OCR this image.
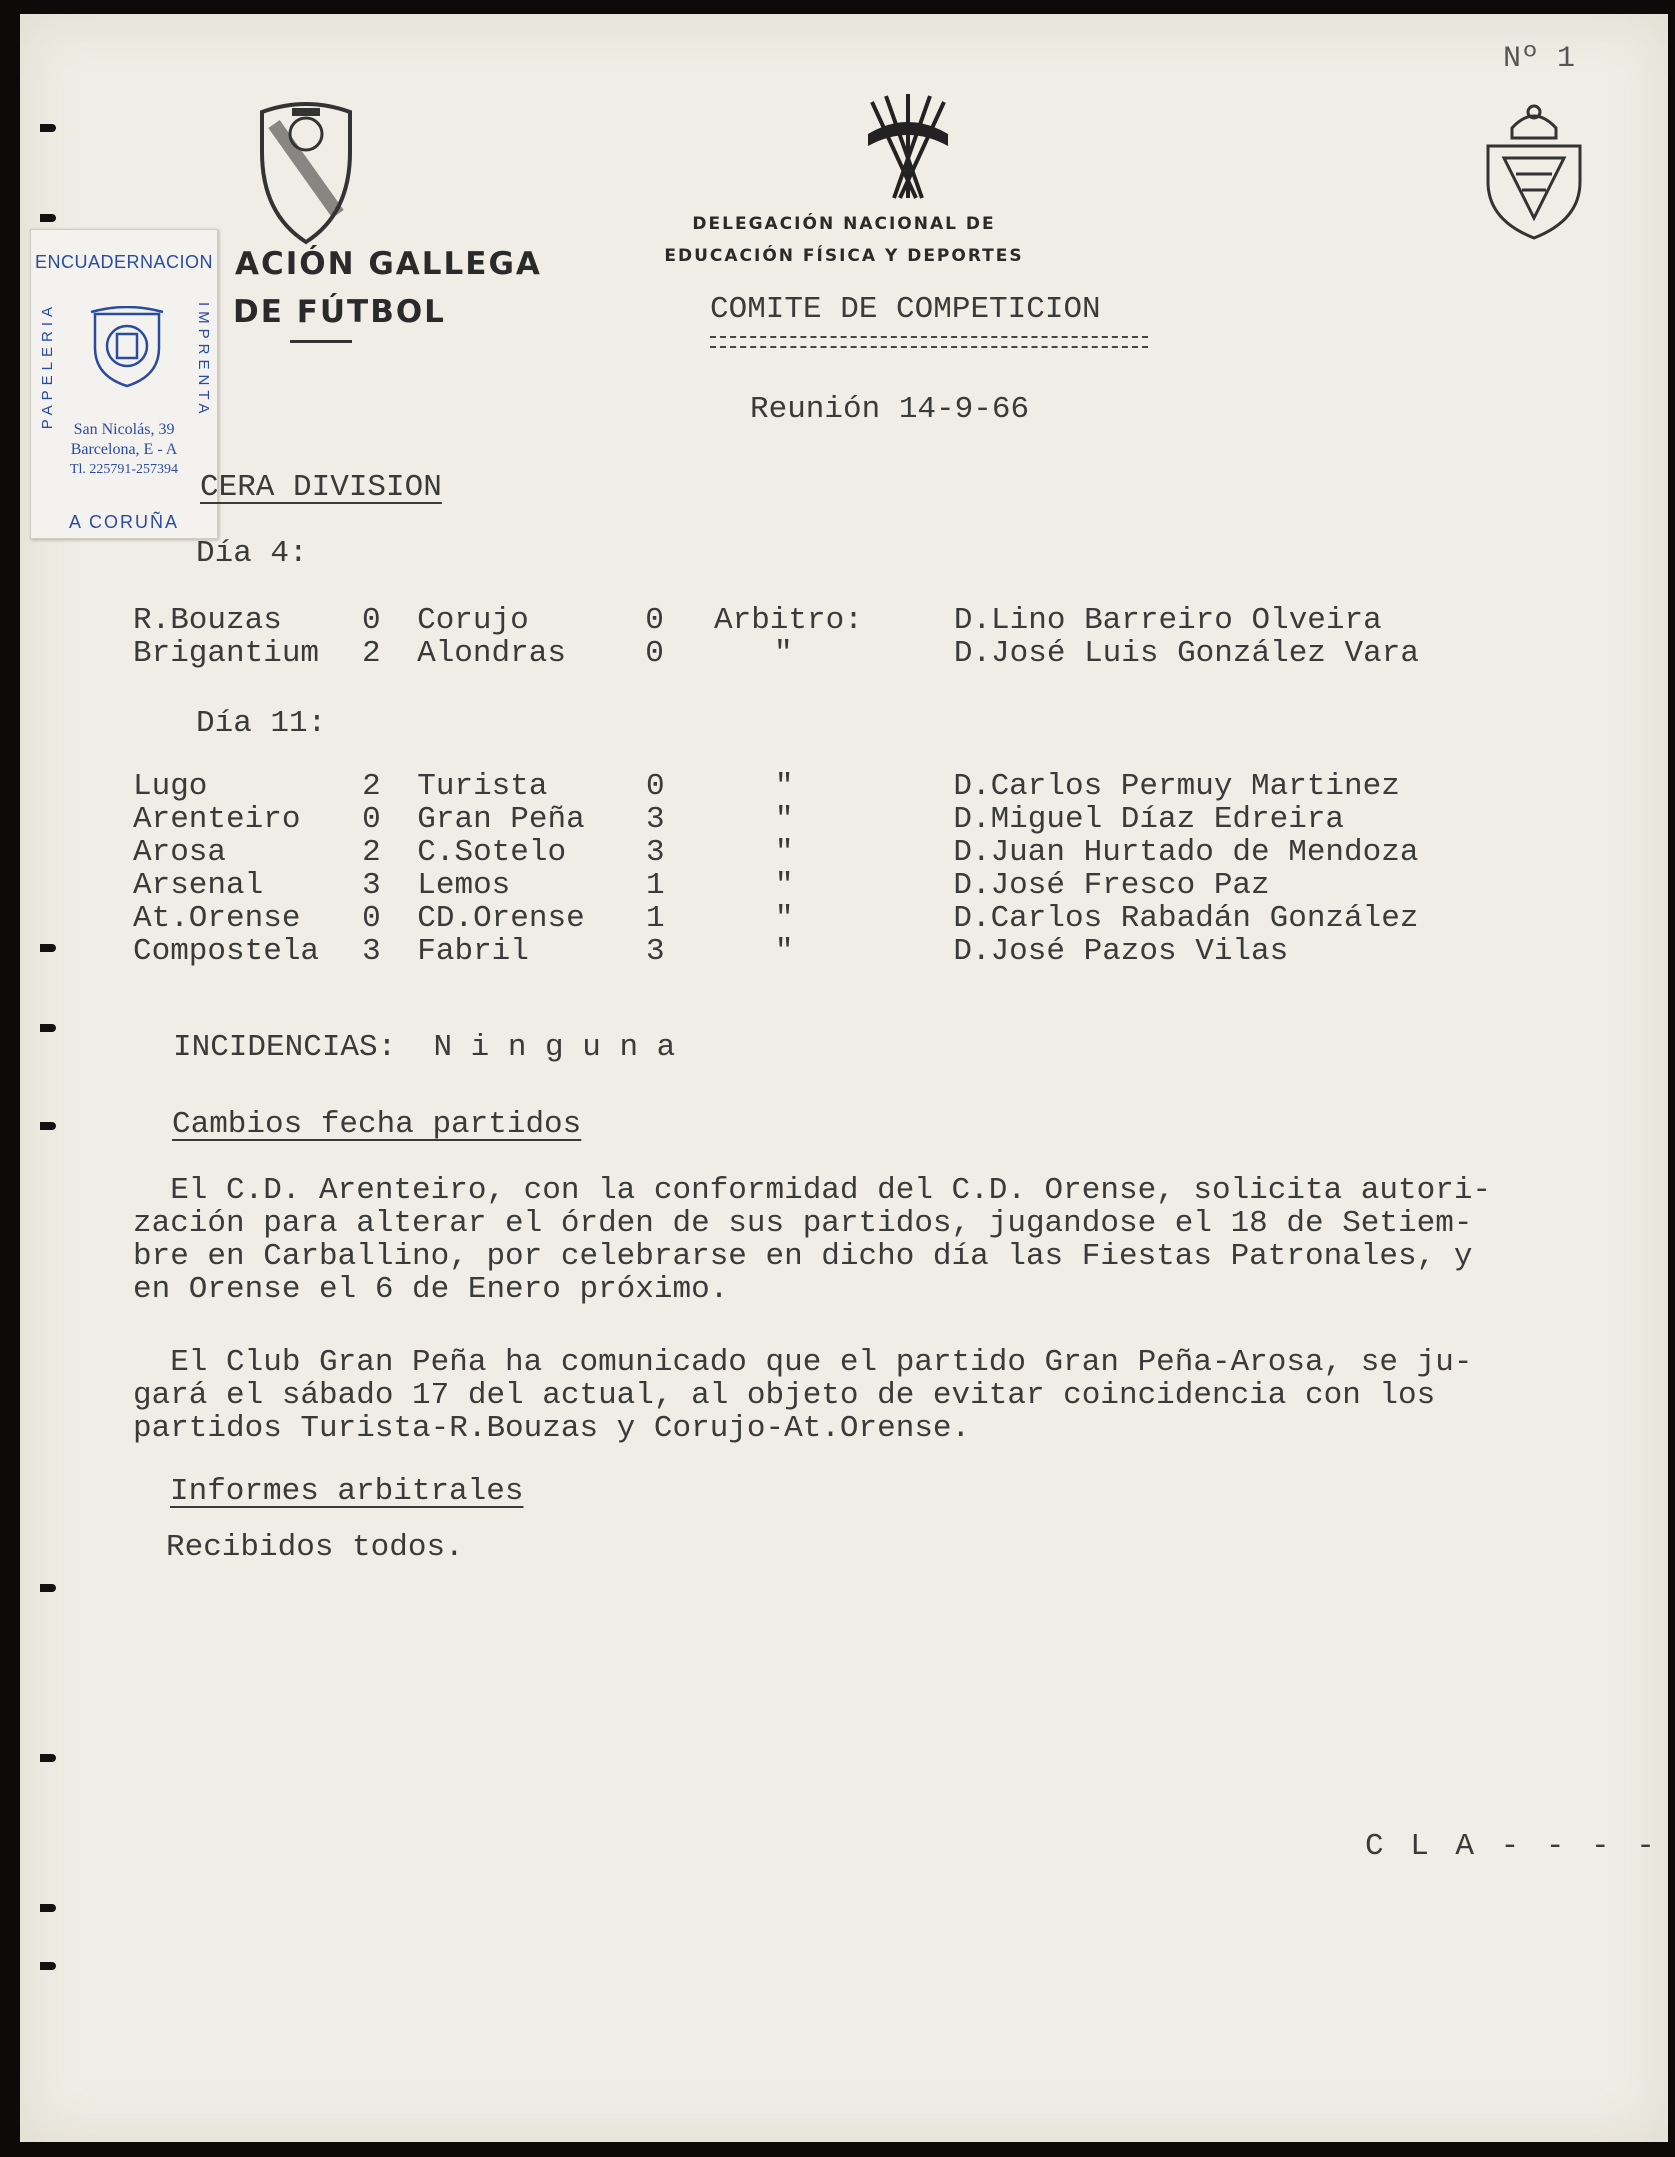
Nº 1
ACIÓN GALLEGA
DE FÚTBOL
DELEGACIÓN NACIONAL DE
EDUCACIÓN FÍSICA Y DEPORTES
COMITE DE COMPETICION
Reunión 14-9-66
ENCUADERNACION
PAPELERIA	IMPRENTA
San Nicolás, 39
Barcelona, E - A
Tl. 225791-257394
A CORUÑA
CERA DIVISION
Día 4:
R.Bouzas	0	Corujo	0	Arbitro:	D.Lino Barreiro Olveira
Brigantium	2	Alondras	0	"	D.José Luis González Vara
Día 11:
Lugo	2	Turista	0	"	D.Carlos Permuy Martinez
Arenteiro	0	Gran Peña	3	"	D.Miguel Díaz Edreira
Arosa	2	C.Sotelo	3	"	D.Juan Hurtado de Mendoza
Arsenal	3	Lemos	1	"	D.José Fresco Paz
At.Orense	0	CD.Orense	1	"	D.Carlos Rabadán González
Compostela	3	Fabril	3	"	D.José Pazos Vilas
INCIDENCIAS:  N i n g u n a
Cambios fecha partidos
El C.D. Arenteiro, con la conformidad del C.D. Orense, solicita autori-
zación para alterar el órden de sus partidos, jugandose el 18 de Setiem-
bre en Carballino, por celebrarse en dicho día las Fiestas Patronales, y
en Orense el 6 de Enero próximo.
El Club Gran Peña ha comunicado que el partido Gran Peña-Arosa, se ju-
gará el sábado 17 del actual, al objeto de evitar coincidencia con los
partidos Turista-R.Bouzas y Corujo-At.Orense.
Informes arbitrales
Recibidos todos.
C L A - - - -
